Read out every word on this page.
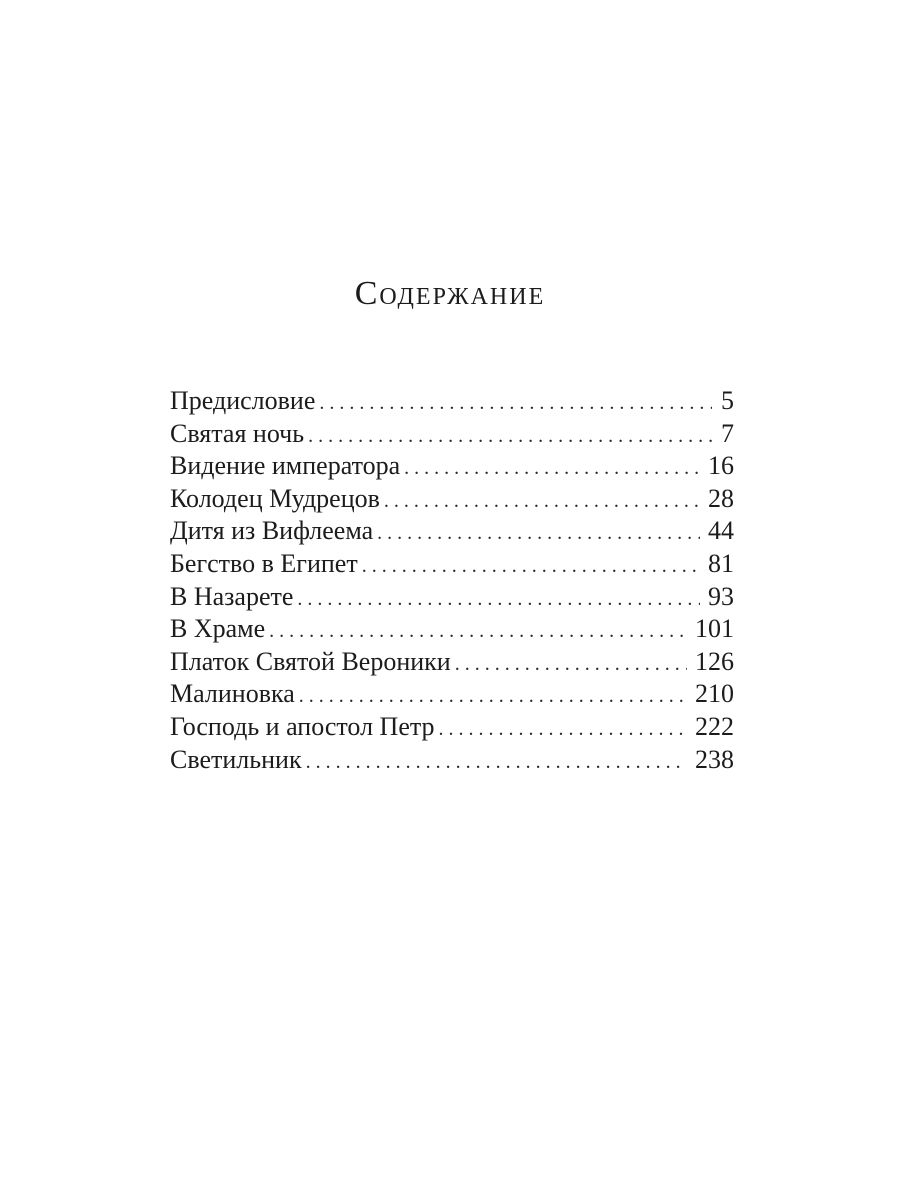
Содержание
Предисловие . . .	5
Святая ночь . . .	7
Видение императора . . .	16
Колодец Мудрецов . . .	28
Дитя из Вифлеема . . .	44
Бегство в Египет . . .	81
В Назарете . . .	93
В Храме . . .	101
Платок Святой Вероники . . .	126
Малиновка . . .	210
Господь и апостол Петр . . .	222
Светильник . . .	238
